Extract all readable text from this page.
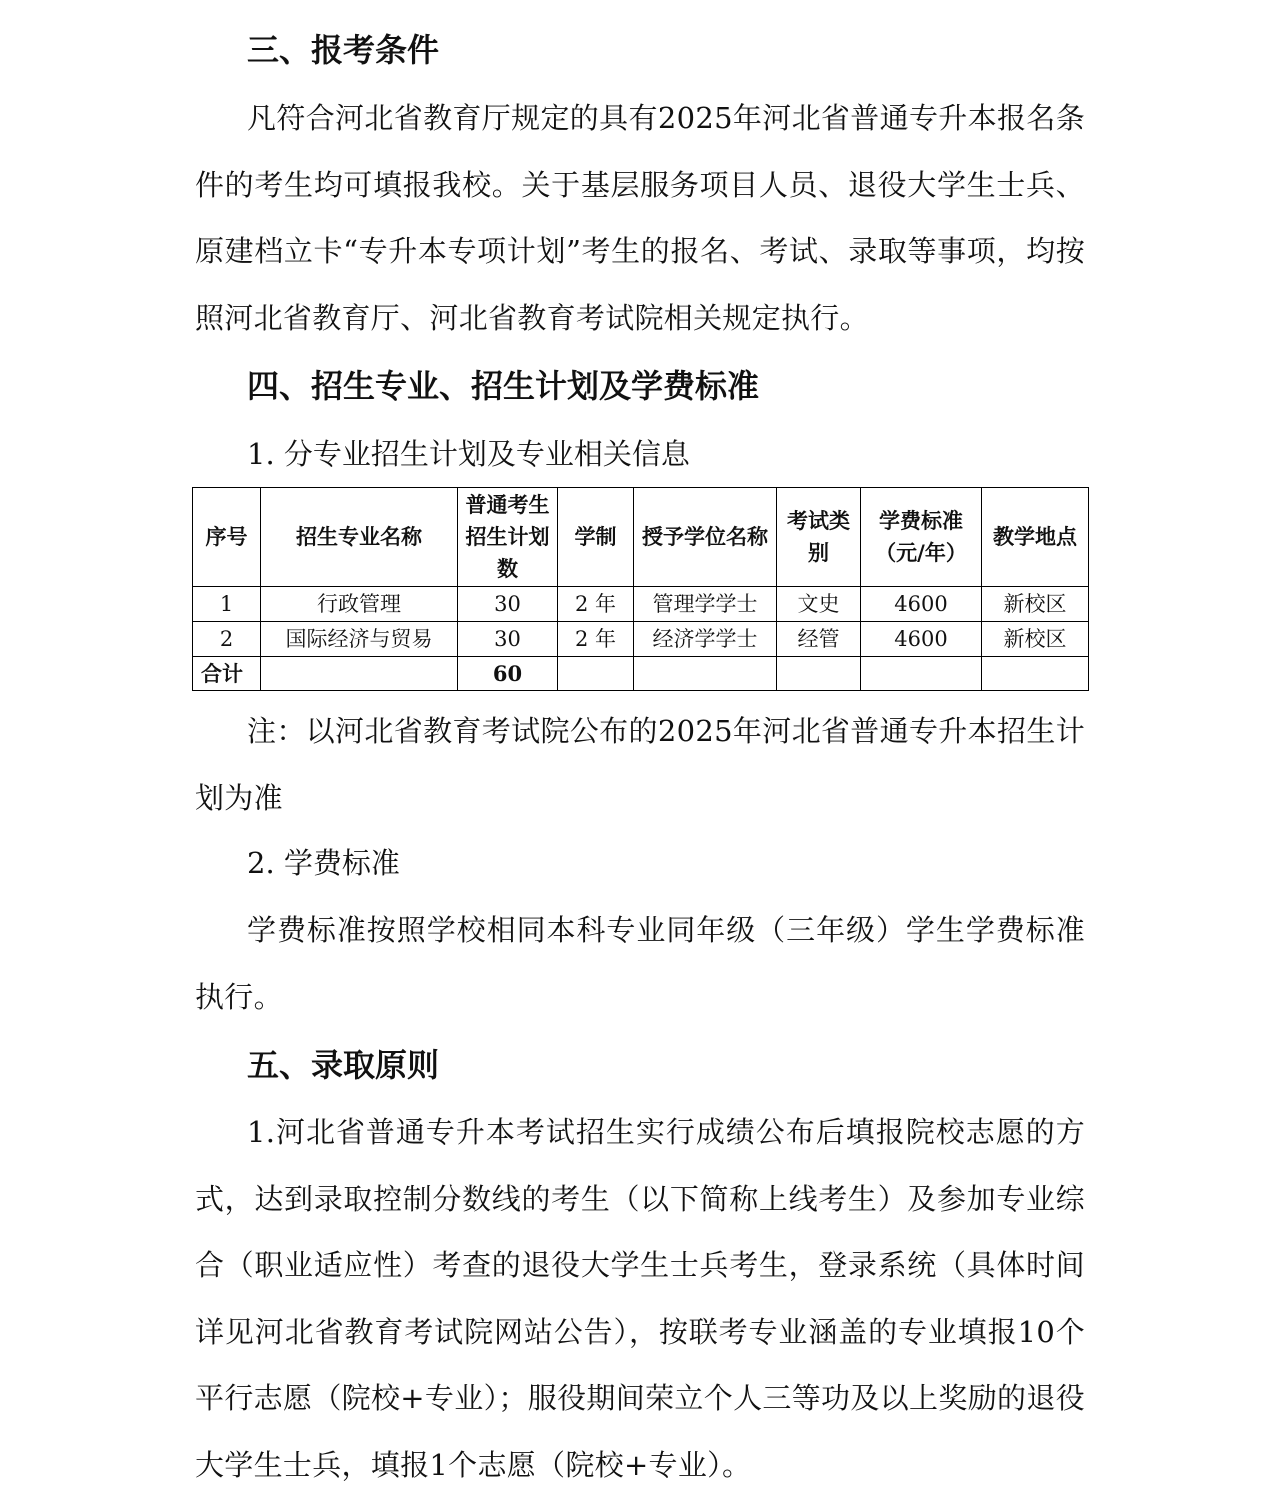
三、报考条件

凡符合河北省教育厅规定的具有2025年河北省普通专升本报名条件的考生均可填报我校。关于基层服务项目人员、退役大学生士兵、原建档立卡“专升本专项计划”考生的报名、考试、录取等事项，均按照河北省教育厅、河北省教育考试院相关规定执行。

四、招生专业、招生计划及学费标准

1. 分专业招生计划及专业相关信息

序号	招生专业名称	普通考生招生计划数	学制	授予学位名称	考试类别	学费标准（元/年）	教学地点
1	行政管理	30	2 年	管理学学士	文史	4600	新校区
2	国际经济与贸易	30	2 年	经济学学士	经管	4600	新校区
合计		60					

注：以河北省教育考试院公布的2025年河北省普通专升本招生计划为准

2. 学费标准

学费标准按照学校相同本科专业同年级（三年级）学生学费标准执行。

五、录取原则

1.河北省普通专升本考试招生实行成绩公布后填报院校志愿的方式，达到录取控制分数线的考生（以下简称上线考生）及参加专业综合（职业适应性）考查的退役大学生士兵考生，登录系统（具体时间详见河北省教育考试院网站公告），按联考专业涵盖的专业填报10个平行志愿（院校+专业）；服役期间荣立个人三等功及以上奖励的退役大学生士兵，填报1个志愿（院校+专业）。
